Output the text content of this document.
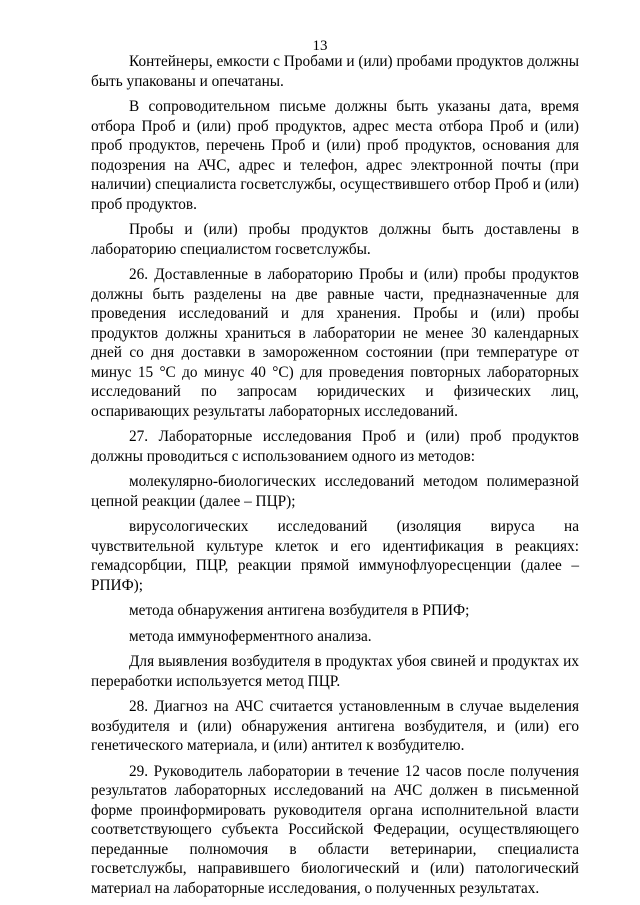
13

Контейнеры, емкости с Пробами и (или) пробами продуктов должны быть упакованы и опечатаны.

В сопроводительном письме должны быть указаны дата, время отбора Проб и (или) проб продуктов, адрес места отбора Проб и (или) проб продуктов, перечень Проб и (или) проб продуктов, основания для подозрения на АЧС, адрес и телефон, адрес электронной почты (при наличии) специалиста госветслужбы, осуществившего отбор Проб и (или) проб продуктов.

Пробы и (или) пробы продуктов должны быть доставлены в лабораторию специалистом госветслужбы.

26. Доставленные в лабораторию Пробы и (или) пробы продуктов должны быть разделены на две равные части, предназначенные для проведения исследований и для хранения. Пробы и (или) пробы продуктов должны храниться в лаборатории не менее 30 календарных дней со дня доставки в замороженном состоянии (при температуре от минус 15 °С до минус 40 °С) для проведения повторных лабораторных исследований по запросам юридических и физических лиц, оспаривающих результаты лабораторных исследований.

27. Лабораторные исследования Проб и (или) проб продуктов должны проводиться с использованием одного из методов:

молекулярно-биологических исследований методом полимеразной цепной реакции (далее – ПЦР);

вирусологических исследований (изоляция вируса на чувствительной культуре клеток и его идентификация в реакциях: гемадсорбции, ПЦР, реакции прямой иммунофлуоресценции (далее – РПИФ);

метода обнаружения антигена возбудителя в РПИФ;

метода иммуноферментного анализа.

Для выявления возбудителя в продуктах убоя свиней и продуктах их переработки используется метод ПЦР.

28. Диагноз на АЧС считается установленным в случае выделения возбудителя и (или) обнаружения антигена возбудителя, и (или) его генетического материала, и (или) антител к возбудителю.

29. Руководитель лаборатории в течение 12 часов после получения результатов лабораторных исследований на АЧС должен в письменной форме проинформировать руководителя органа исполнительной власти соответствующего субъекта Российской Федерации, осуществляющего переданные полномочия в области ветеринарии, специалиста госветслужбы, направившего биологический и (или) патологический материал на лабораторные исследования, о полученных результатах.
